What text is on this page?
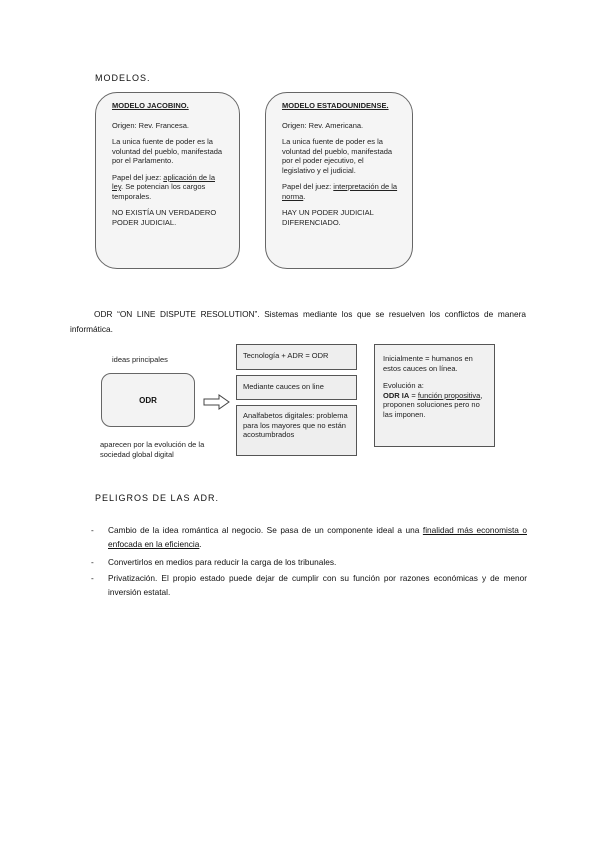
MODELOS.
MODELO JACOBINO.

Origen: Rev. Francesa.

La unica fuente de poder es la voluntad del pueblo, manifestada por el Parlamento.

Papel del juez: aplicación de la ley. Se potencian los cargos temporales.

NO EXISTÍA UN VERDADERO PODER JUDICIAL.

MODELO ESTADOUNIDENSE.

Origen: Rev. Americana.

La unica fuente de poder es la voluntad del pueblo, manifestada por el poder ejecutivo, el legislativo y el judicial.

Papel del juez: interpretación de la norma.

HAY UN PODER JUDICIAL DIFERENCIADO.

ODR “ON LINE DISPUTE RESOLUTION”. Sistemas mediante los que se resuelven los conflictos de manera informática.
ideas principales
ODR
aparecen por la evolución de la sociedad global digital
Tecnología + ADR = ODR
Mediante cauces on line
Analfabetos digitales: problema para los mayores que no están acostumbrados

Inicialmente = humanos en estos cauces on línea.

Evolución a:

ODR IA = función propositiva, proponen soluciones pero no las imponen.

PELIGROS DE LAS ADR.
- Cambio de la idea romántica al negocio. Se pasa de un componente ideal a una finalidad más economista o enfocada en la eficiencia.
- Convertirlos en medios para reducir la carga de los tribunales.
- Privatización. El propio estado puede dejar de cumplir con su función por razones económicas y de menor inversión estatal.
